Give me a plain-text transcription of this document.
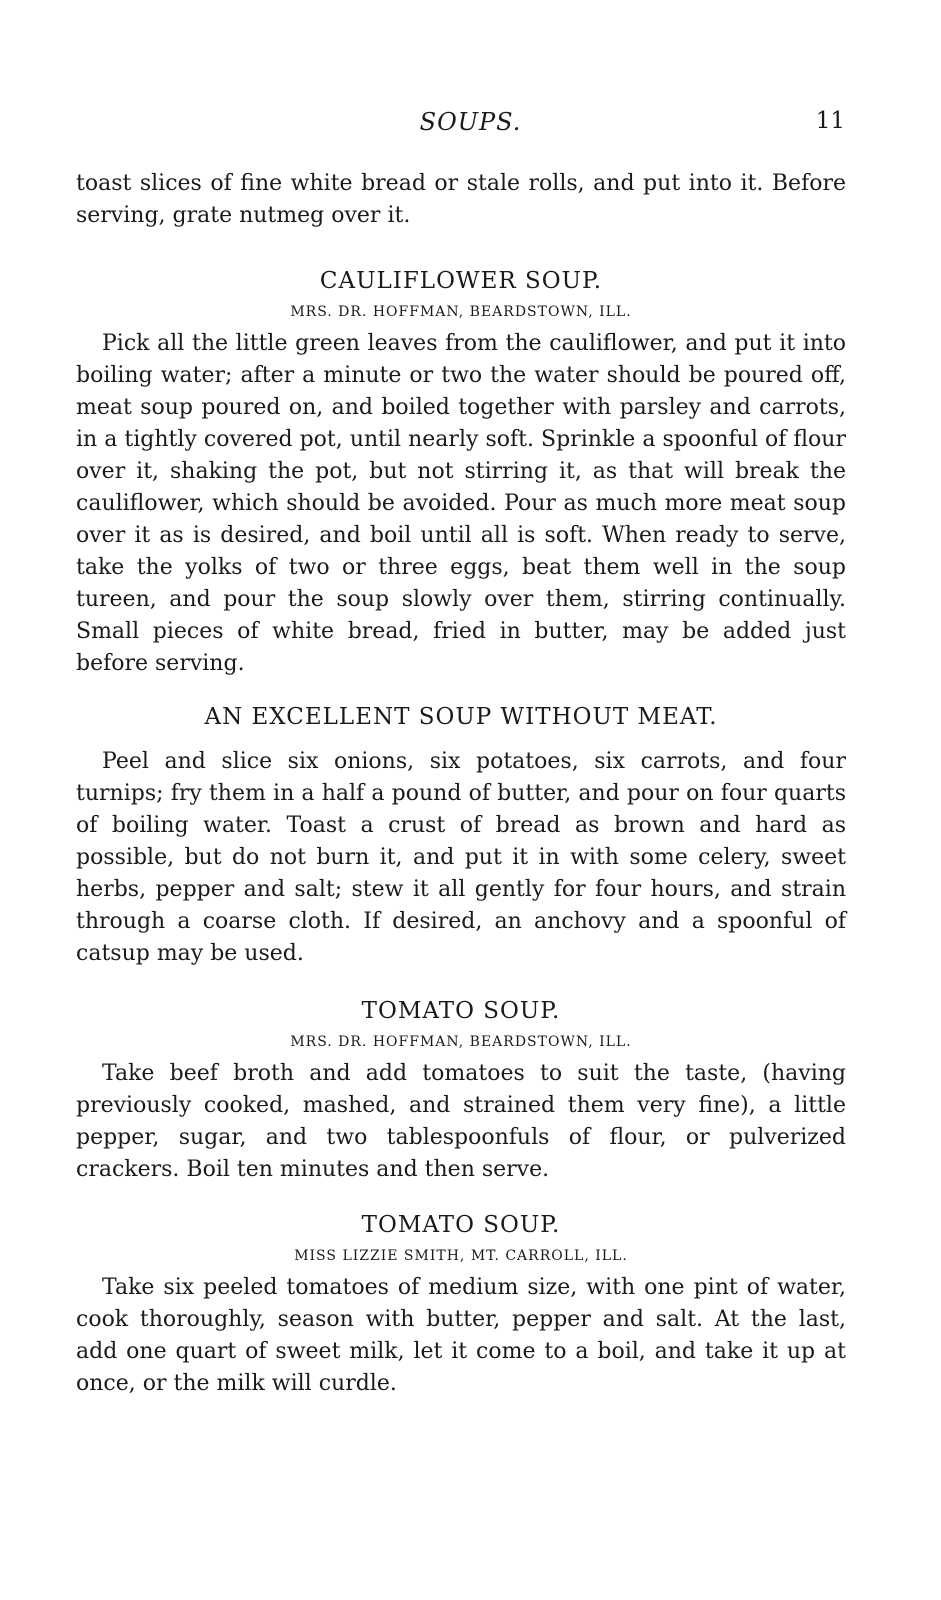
SOUPS.	11

toast slices of fine white bread or stale rolls, and put into it. Before serving, grate nutmeg over it.

CAULIFLOWER SOUP.
MRS. DR. HOFFMAN, BEARDSTOWN, ILL.

Pick all the little green leaves from the cauliflower, and put it into boiling water; after a minute or two the water should be poured off, meat soup poured on, and boiled together with parsley and carrots, in a tightly covered pot, until nearly soft. Sprinkle a spoonful of flour over it, shaking the pot, but not stirring it, as that will break the cauliflower, which should be avoided. Pour as much more meat soup over it as is desired, and boil until all is soft. When ready to serve, take the yolks of two or three eggs, beat them well in the soup tureen, and pour the soup slowly over them, stirring continually. Small pieces of white bread, fried in butter, may be added just before serving.

AN EXCELLENT SOUP WITHOUT MEAT.

Peel and slice six onions, six potatoes, six carrots, and four turnips; fry them in a half a pound of butter, and pour on four quarts of boiling water. Toast a crust of bread as brown and hard as possible, but do not burn it, and put it in with some celery, sweet herbs, pepper and salt; stew it all gently for four hours, and strain through a coarse cloth. If desired, an anchovy and a spoonful of catsup may be used.

TOMATO SOUP.
MRS. DR. HOFFMAN, BEARDSTOWN, ILL.

Take beef broth and add tomatoes to suit the taste, (having previously cooked, mashed, and strained them very fine), a little pepper, sugar, and two tablespoonfuls of flour, or pulverized crackers. Boil ten minutes and then serve.

TOMATO SOUP.
MISS LIZZIE SMITH, MT. CARROLL, ILL.

Take six peeled tomatoes of medium size, with one pint of water, cook thoroughly, season with butter, pepper and salt. At the last, add one quart of sweet milk, let it come to a boil, and take it up at once, or the milk will curdle.
